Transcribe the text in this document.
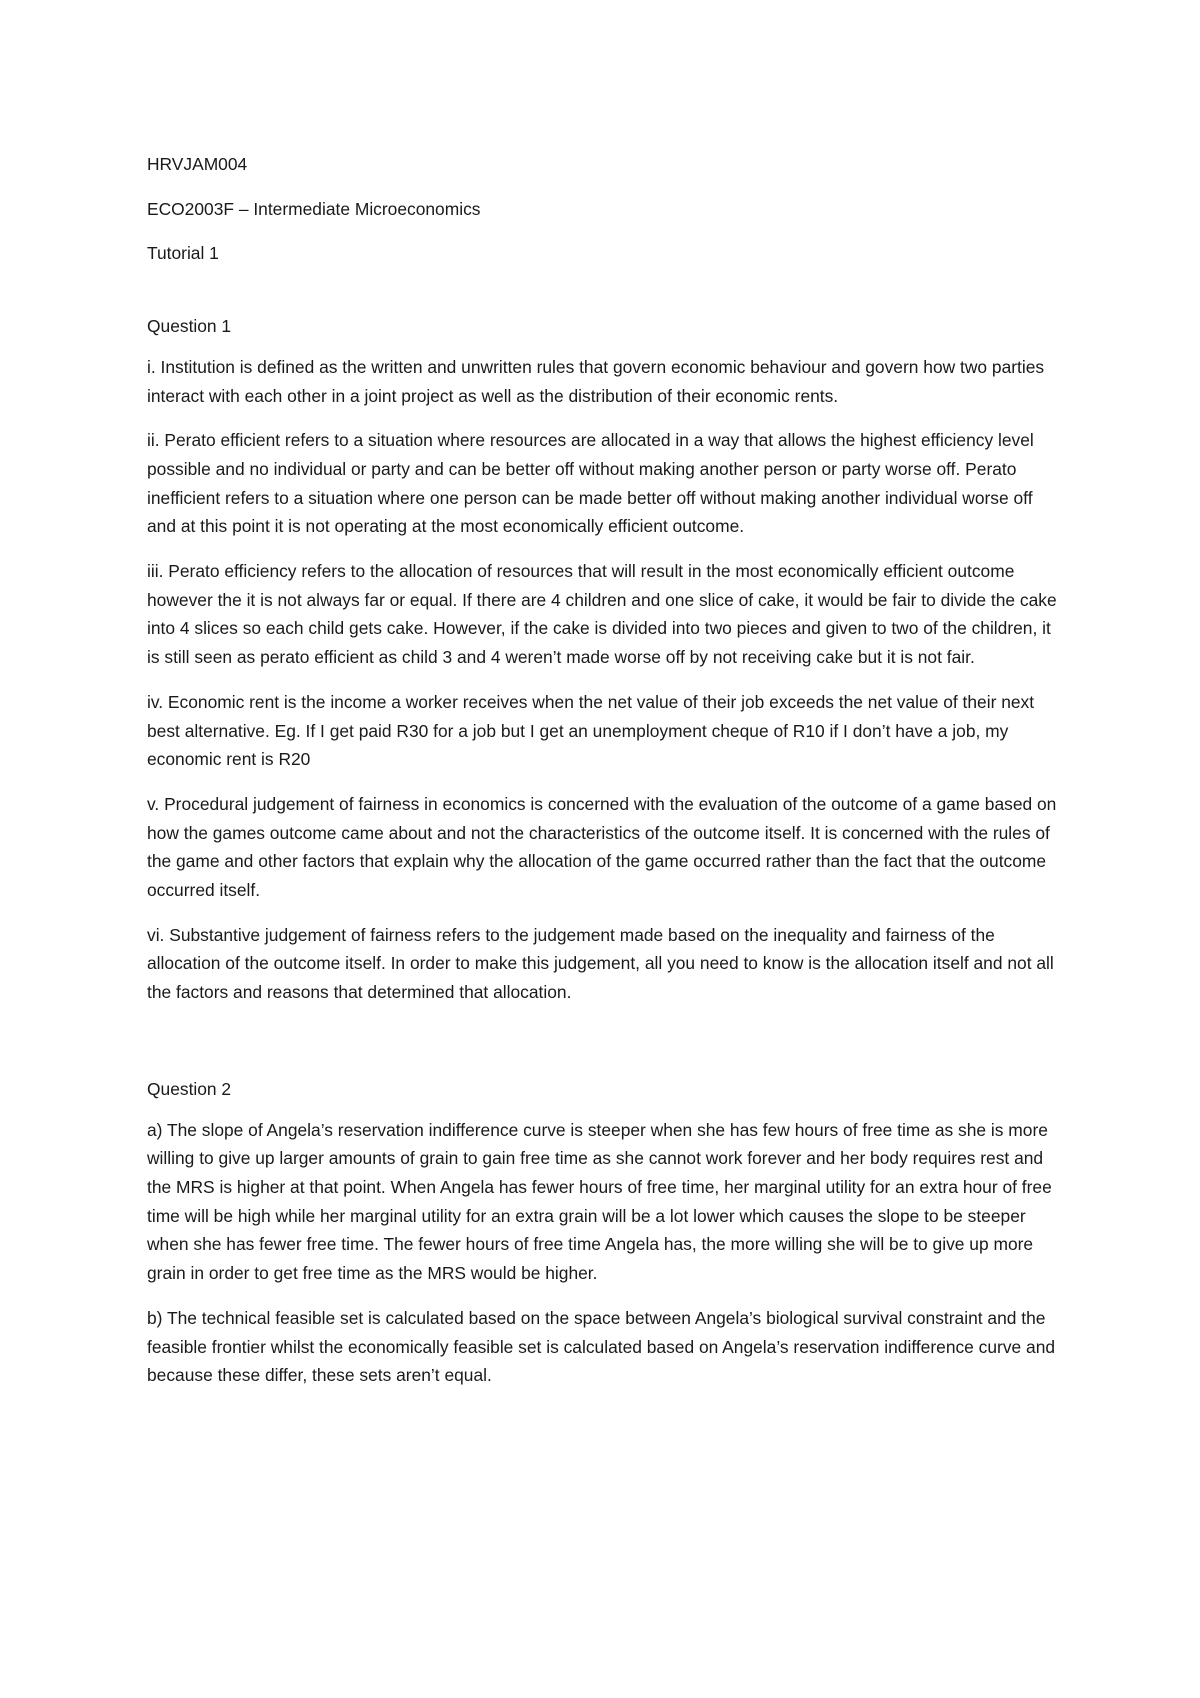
HRVJAM004

ECO2003F – Intermediate Microeconomics

Tutorial 1

Question 1

i. Institution is defined as the written and unwritten rules that govern economic behaviour and govern how two parties interact with each other in a joint project as well as the distribution of their economic rents.

ii. Perato efficient refers to a situation where resources are allocated in a way that allows the highest efficiency level possible and no individual or party and can be better off without making another person or party worse off. Perato inefficient refers to a situation where one person can be made better off without making another individual worse off and at this point it is not operating at the most economically efficient outcome.

iii. Perato efficiency refers to the allocation of resources that will result in the most economically efficient outcome however the it is not always far or equal. If there are 4 children and one slice of cake, it would be fair to divide the cake into 4 slices so each child gets cake. However, if the cake is divided into two pieces and given to two of the children, it is still seen as perato efficient as child 3 and 4 weren’t made worse off by not receiving cake but it is not fair.

iv. Economic rent is the income a worker receives when the net value of their job exceeds the net value of their next best alternative. Eg. If I get paid R30 for a job but I get an unemployment cheque of R10 if I don’t have a job, my economic rent is R20

v. Procedural judgement of fairness in economics is concerned with the evaluation of the outcome of a game based on how the games outcome came about and not the characteristics of the outcome itself. It is concerned with the rules of the game and other factors that explain why the allocation of the game occurred rather than the fact that the outcome occurred itself.

vi. Substantive judgement of fairness refers to the judgement made based on the inequality and fairness of the allocation of the outcome itself. In order to make this judgement, all you need to know is the allocation itself and not all the factors and reasons that determined that allocation.

Question 2

a) The slope of Angela’s reservation indifference curve is steeper when she has few hours of free time as she is more willing to give up larger amounts of grain to gain free time as she cannot work forever and her body requires rest and the MRS is higher at that point. When Angela has fewer hours of free time, her marginal utility for an extra hour of free time will be high while her marginal utility for an extra grain will be a lot lower which causes the slope to be steeper when she has fewer free time. The fewer hours of free time Angela has, the more willing she will be to give up more grain in order to get free time as the MRS would be higher.

b) The technical feasible set is calculated based on the space between Angela’s biological survival constraint and the feasible frontier whilst the economically feasible set is calculated based on Angela’s reservation indifference curve and because these differ, these sets aren’t equal.
